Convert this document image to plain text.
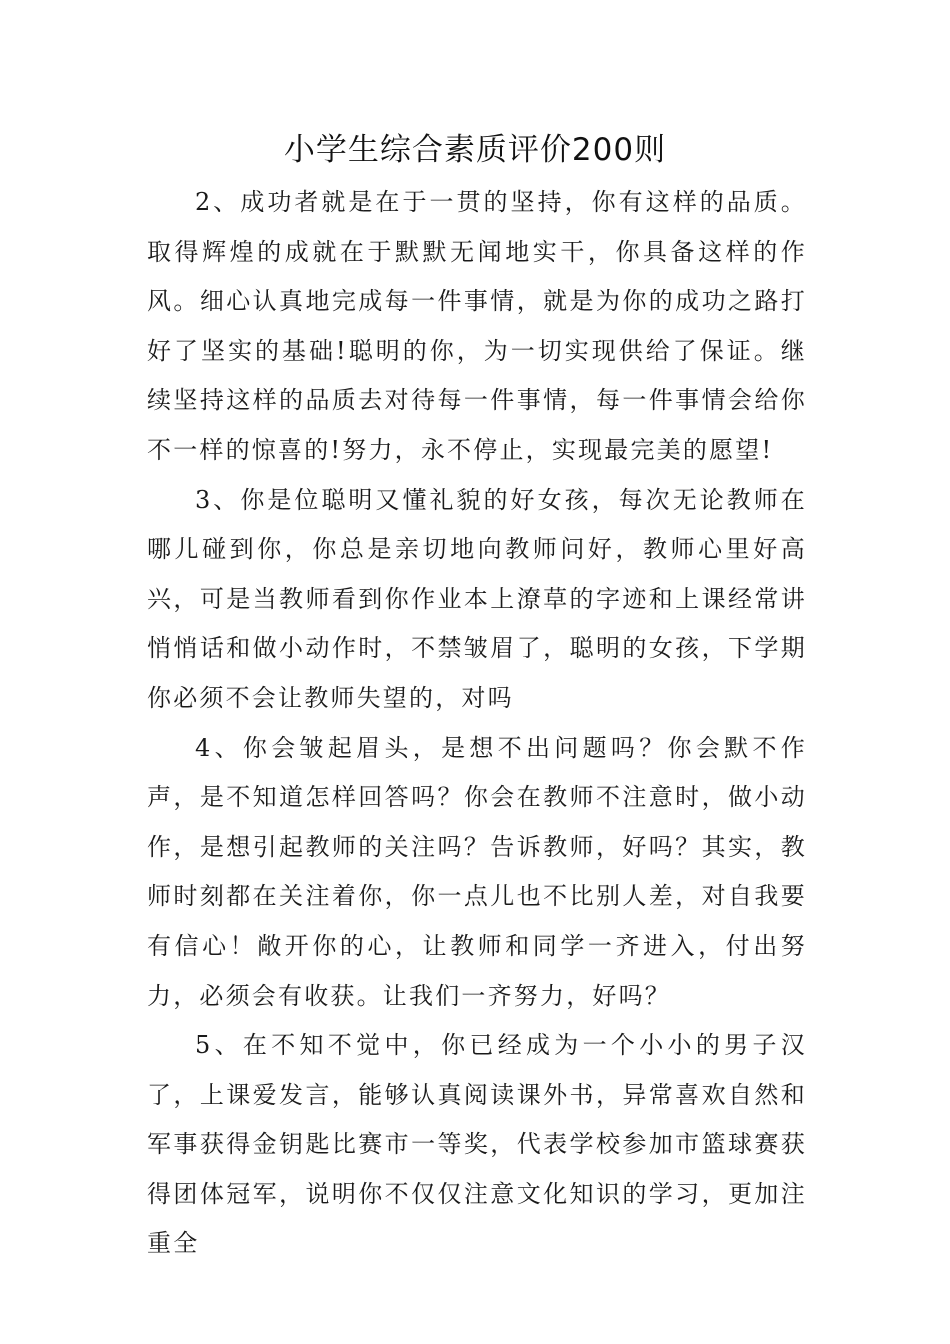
小学生综合素质评价200则

2、成功者就是在于一贯的坚持，你有这样的品质。取得辉煌的成就在于默默无闻地实干，你具备这样的作风。细心认真地完成每一件事情，就是为你的成功之路打好了坚实的基础!聪明的你，为一切实现供给了保证。继续坚持这样的品质去对待每一件事情，每一件事情会给你不一样的惊喜的!努力，永不停止，实现最完美的愿望!

3、你是位聪明又懂礼貌的好女孩，每次无论教师在哪儿碰到你，你总是亲切地向教师问好，教师心里好高兴，可是当教师看到你作业本上潦草的字迹和上课经常讲悄悄话和做小动作时，不禁皱眉了，聪明的女孩，下学期你必须不会让教师失望的，对吗

4、你会皱起眉头，是想不出问题吗？你会默不作声，是不知道怎样回答吗？你会在教师不注意时，做小动作，是想引起教师的关注吗？告诉教师，好吗？其实，教师时刻都在关注着你，你一点儿也不比别人差，对自我要有信心！敞开你的心，让教师和同学一齐进入，付出努力，必须会有收获。让我们一齐努力，好吗？

5、在不知不觉中，你已经成为一个小小的男子汉了，上课爱发言，能够认真阅读课外书，异常喜欢自然和军事获得金钥匙比赛市一等奖，代表学校参加市篮球赛获得团体冠军，说明你不仅仅注意文化知识的学习，更加注重全
